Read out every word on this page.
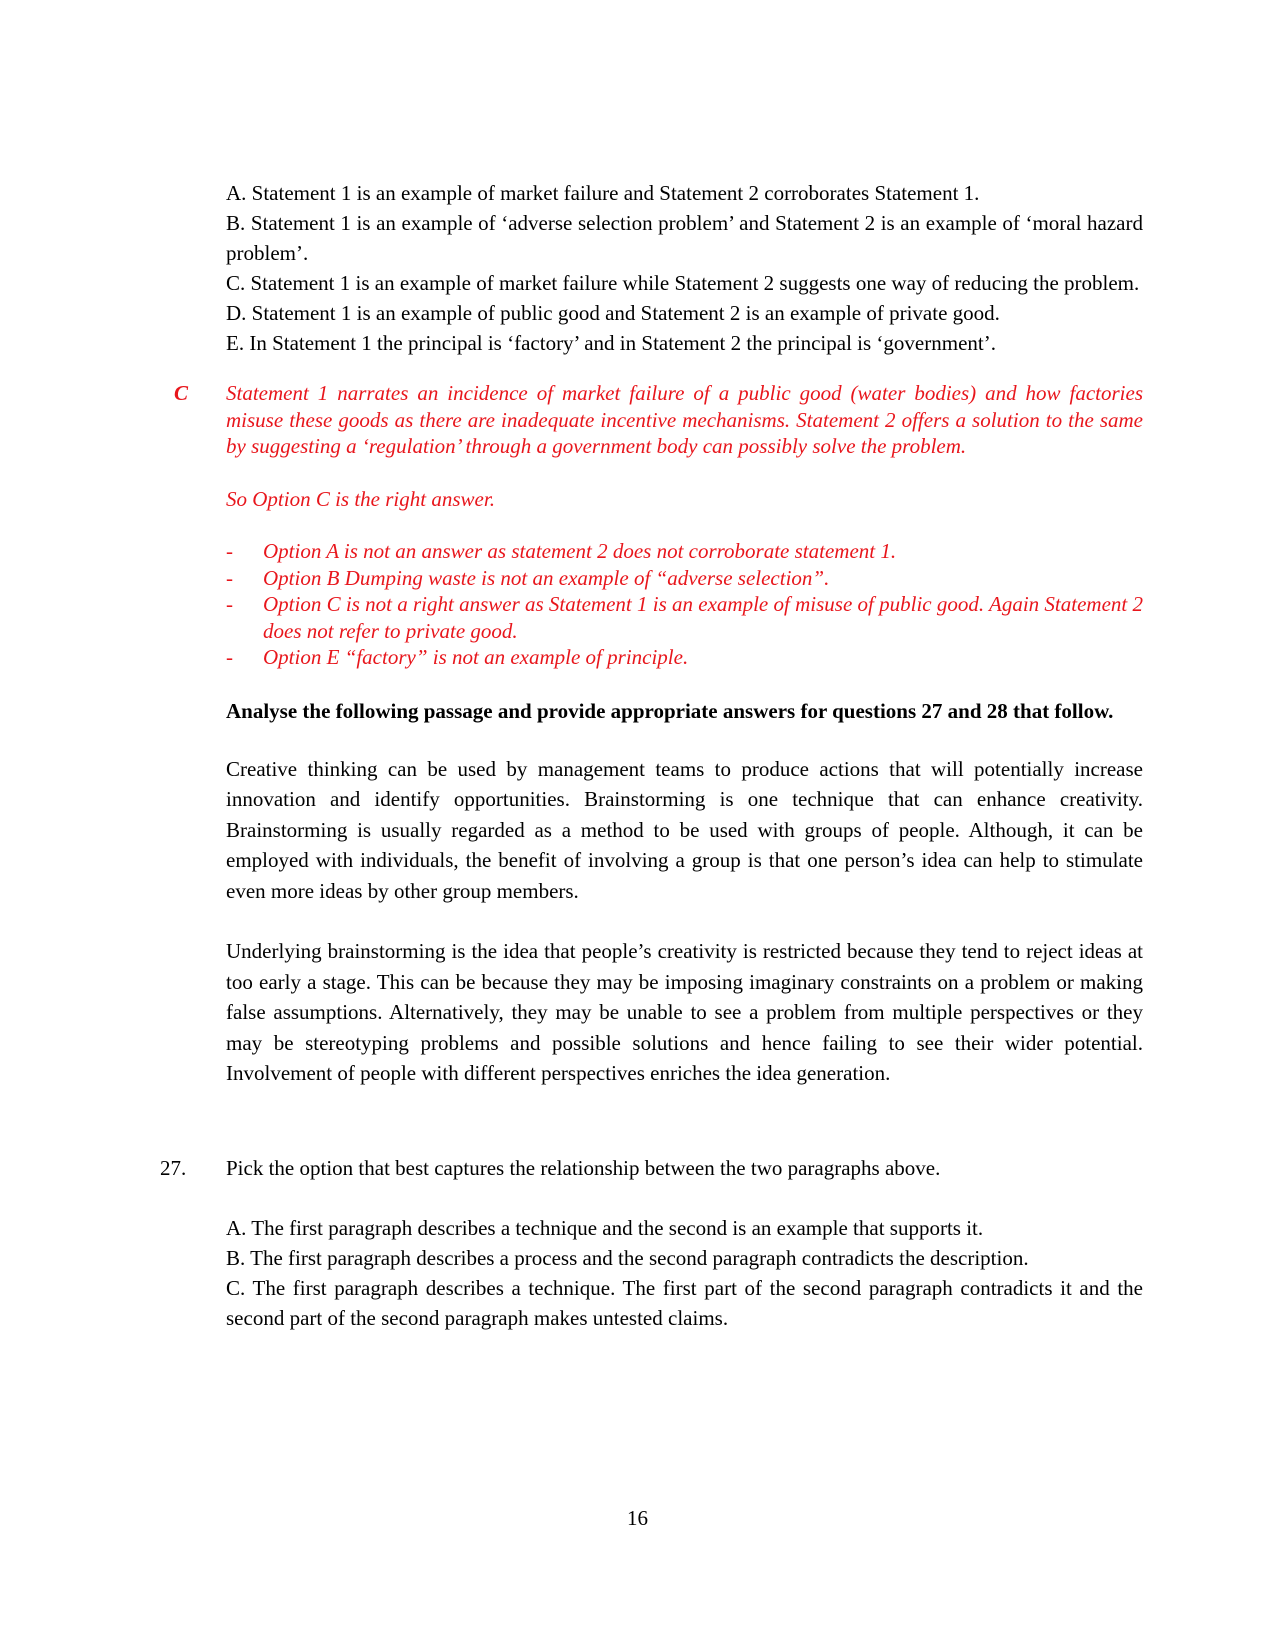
A. Statement 1 is an example of market failure and Statement 2 corroborates Statement 1.

B. Statement 1 is an example of ‘adverse selection problem’ and Statement 2 is an example of ‘moral hazard problem’.

C. Statement 1 is an example of market failure while Statement 2 suggests one way of reducing the problem.

D. Statement 1 is an example of public good and Statement 2 is an example of private good.

E. In Statement 1 the principal is ‘factory’ and in Statement 2 the principal is ‘government’.

C Statement 1 narrates an incidence of market failure of a public good (water bodies) and how factories misuse these goods as there are inadequate incentive mechanisms. Statement 2 offers a solution to the same by suggesting a ‘regulation’ through a government body can possibly solve the problem.

So Option C is the right answer.

- Option A is not an answer as statement 2 does not corroborate statement 1.
- Option B Dumping waste is not an example of “adverse selection”.
- Option C is not a right answer as Statement 1 is an example of misuse of public good. Again Statement 2 does not refer to private good.
- Option E “factory” is not an example of principle.

Analyse the following passage and provide appropriate answers for questions 27 and 28 that follow.

Creative thinking can be used by management teams to produce actions that will potentially increase innovation and identify opportunities. Brainstorming is one technique that can enhance creativity. Brainstorming is usually regarded as a method to be used with groups of people. Although, it can be employed with individuals, the benefit of involving a group is that one person’s idea can help to stimulate even more ideas by other group members.

Underlying brainstorming is the idea that people’s creativity is restricted because they tend to reject ideas at too early a stage. This can be because they may be imposing imaginary constraints on a problem or making false assumptions. Alternatively, they may be unable to see a problem from multiple perspectives or they may be stereotyping problems and possible solutions and hence failing to see their wider potential. Involvement of people with different perspectives enriches the idea generation.

27. Pick the option that best captures the relationship between the two paragraphs above.

A. The first paragraph describes a technique and the second is an example that supports it.

B. The first paragraph describes a process and the second paragraph contradicts the description.

C. The first paragraph describes a technique. The first part of the second paragraph contradicts it and the second part of the second paragraph makes untested claims.

16
